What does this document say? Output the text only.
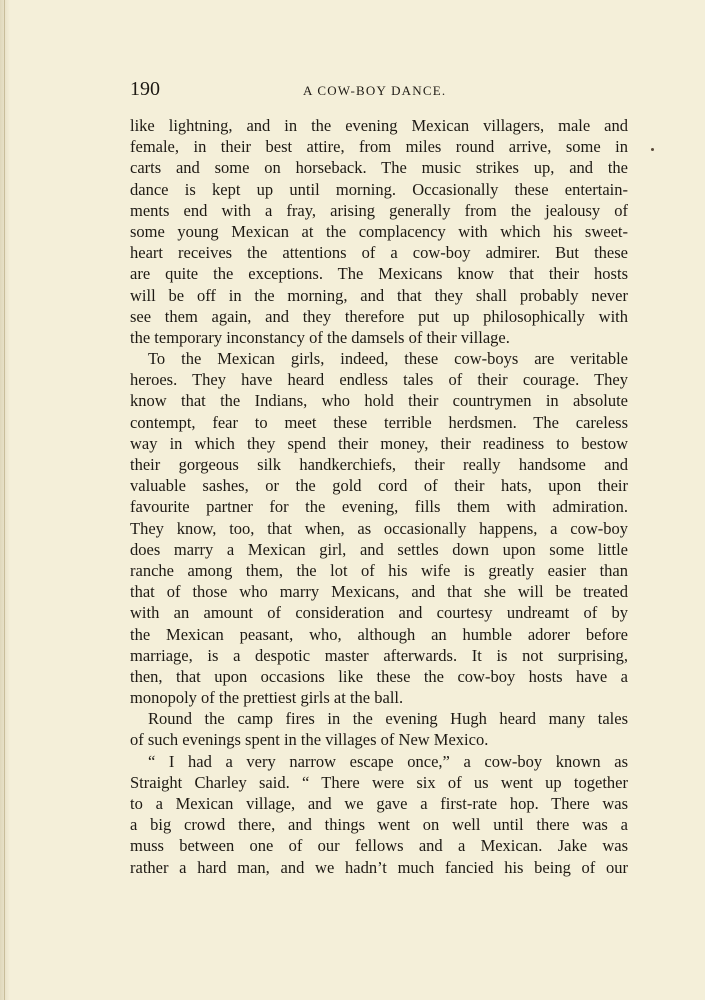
190	A COW-BOY DANCE.
like lightning, and in the evening Mexican villagers, male and
female, in their best attire, from miles round arrive, some in
carts and some on horseback. The music strikes up, and the
dance is kept up until morning. Occasionally these entertain-
ments end with a fray, arising generally from the jealousy of
some young Mexican at the complacency with which his sweet-
heart receives the attentions of a cow-boy admirer. But these
are quite the exceptions. The Mexicans know that their hosts
will be off in the morning, and that they shall probably never
see them again, and they therefore put up philosophically with
the temporary inconstancy of the damsels of their village.
To the Mexican girls, indeed, these cow-boys are veritable
heroes. They have heard endless tales of their courage. They
know that the Indians, who hold their countrymen in absolute
contempt, fear to meet these terrible herdsmen. The careless
way in which they spend their money, their readiness to bestow
their gorgeous silk handkerchiefs, their really handsome and
valuable sashes, or the gold cord of their hats, upon their
favourite partner for the evening, fills them with admiration.
They know, too, that when, as occasionally happens, a cow-boy
does marry a Mexican girl, and settles down upon some little
ranche among them, the lot of his wife is greatly easier than
that of those who marry Mexicans, and that she will be treated
with an amount of consideration and courtesy undreamt of by
the Mexican peasant, who, although an humble adorer before
marriage, is a despotic master afterwards. It is not surprising,
then, that upon occasions like these the cow-boy hosts have a
monopoly of the prettiest girls at the ball.
Round the camp fires in the evening Hugh heard many tales
of such evenings spent in the villages of New Mexico.
“ I had a very narrow escape once,” a cow-boy known as
Straight Charley said. “ There were six of us went up together
to a Mexican village, and we gave a first-rate hop. There was
a big crowd there, and things went on well until there was a
muss between one of our fellows and a Mexican. Jake was
rather a hard man, and we hadn’t much fancied his being of our
